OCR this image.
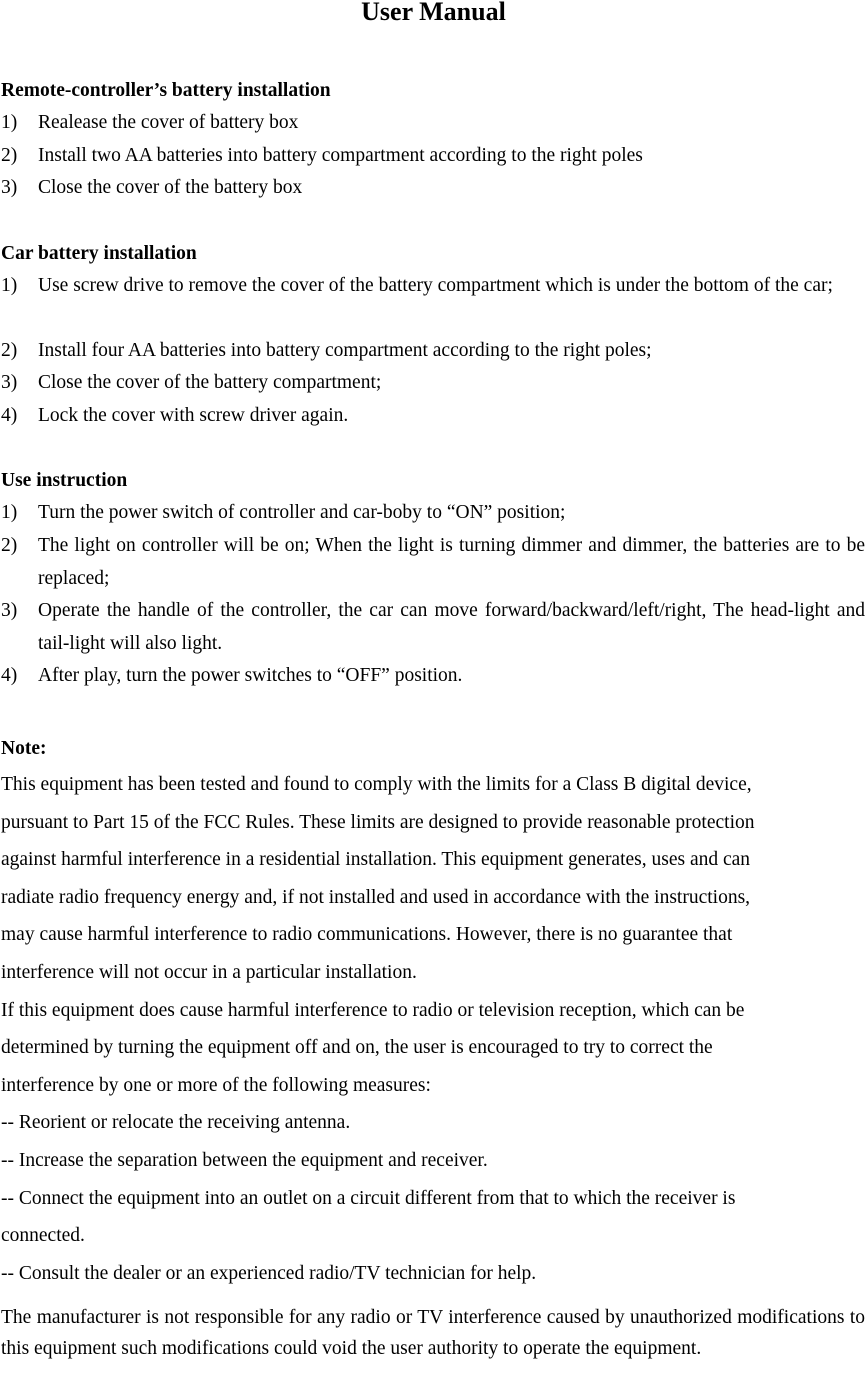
User Manual
Remote-controller’s battery installation
1) Realease the cover of battery box
2) Install two AA batteries into battery compartment according to the right poles
3) Close the cover of the battery box
Car battery installation
1) Use screw drive to remove the cover of the battery compartment which is under the bottom of the car;
2) Install four AA batteries into battery compartment according to the right poles;
3) Close the cover of the battery compartment;
4) Lock the cover with screw driver again.
Use instruction
1) Turn the power switch of controller and car-boby to “ON” position;
2) The light on controller will be on; When the light is turning dimmer and dimmer, the batteries are to be replaced;
3) Operate the handle of the controller, the car can move forward/backward/left/right, The head-light and tail-light will also light.
4) After play, turn the power switches to “OFF” position.
Note:
This equipment has been tested and found to comply with the limits for a Class B digital device,
pursuant to Part 15 of the FCC Rules. These limits are designed to provide reasonable protection
against harmful interference in a residential installation. This equipment generates, uses and can
radiate radio frequency energy and, if not installed and used in accordance with the instructions,
may cause harmful interference to radio communications. However, there is no guarantee that
interference will not occur in a particular installation.
If this equipment does cause harmful interference to radio or television reception, which can be
determined by turning the equipment off and on, the user is encouraged to try to correct the
interference by one or more of the following measures:
-- Reorient or relocate the receiving antenna.
-- Increase the separation between the equipment and receiver.
-- Connect the equipment into an outlet on a circuit different from that to which the receiver is
connected.
-- Consult the dealer or an experienced radio/TV technician for help.
The manufacturer is not responsible for any radio or TV interference caused by unauthorized modifications to this equipment such modifications could void the user authority to operate the equipment.
